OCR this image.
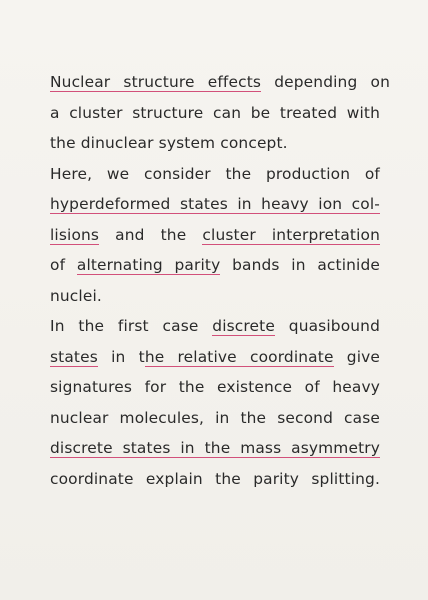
Nuclear structure effects depending on
a cluster structure can be treated with
the dinuclear system concept.
Here, we consider the production of
hyperdeformed states in heavy ion col-
lisions and the cluster interpretation
of alternating parity bands in actinide
nuclei.
In the first case discrete quasibound
states in the relative coordinate give
signatures for the existence of heavy
nuclear molecules, in the second case
discrete states in the mass asymmetry
coordinate explain the parity splitting.
